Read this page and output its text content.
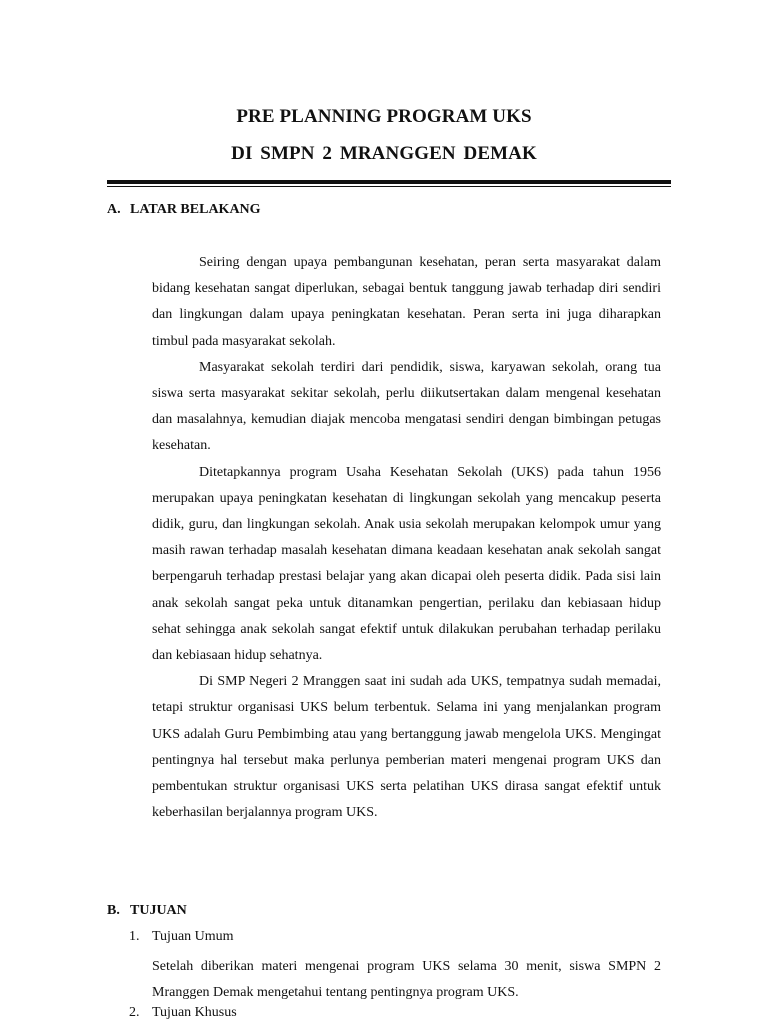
PRE PLANNING PROGRAM UKS
DI SMPN 2 MRANGGEN DEMAK
A. LATAR BELAKANG

Seiring dengan upaya pembangunan kesehatan, peran serta masyarakat dalam bidang kesehatan sangat diperlukan, sebagai bentuk tanggung jawab terhadap diri sendiri dan lingkungan dalam upaya peningkatan kesehatan. Peran serta ini juga diharapkan timbul pada masyarakat sekolah.

Masyarakat sekolah terdiri dari pendidik, siswa, karyawan sekolah, orang tua siswa serta masyarakat sekitar sekolah, perlu diikutsertakan dalam mengenal kesehatan dan masalahnya, kemudian diajak mencoba mengatasi sendiri dengan bimbingan petugas kesehatan.

Ditetapkannya program Usaha Kesehatan Sekolah (UKS) pada tahun 1956 merupakan upaya peningkatan kesehatan di lingkungan sekolah yang mencakup peserta didik, guru, dan lingkungan sekolah. Anak usia sekolah merupakan kelompok umur yang masih rawan terhadap masalah kesehatan dimana keadaan kesehatan anak sekolah sangat berpengaruh terhadap prestasi belajar yang akan dicapai oleh peserta didik. Pada sisi lain anak sekolah sangat peka untuk ditanamkan pengertian, perilaku dan kebiasaan hidup sehat sehingga anak sekolah sangat efektif untuk dilakukan perubahan terhadap perilaku dan kebiasaan hidup sehatnya.

Di SMP Negeri 2 Mranggen saat ini sudah ada UKS, tempatnya sudah memadai, tetapi struktur organisasi UKS belum terbentuk. Selama ini yang menjalankan program UKS adalah Guru Pembimbing atau yang bertanggung jawab mengelola UKS. Mengingat pentingnya hal tersebut maka perlunya pemberian materi mengenai program UKS dan pembentukan struktur organisasi UKS serta pelatihan UKS dirasa sangat efektif untuk keberhasilan berjalannya program UKS.

B. TUJUAN
1. Tujuan Umum

Setelah diberikan materi mengenai program UKS selama 30 menit, siswa SMPN 2 Mranggen Demak mengetahui tentang pentingnya program UKS.

2. Tujuan Khusus
